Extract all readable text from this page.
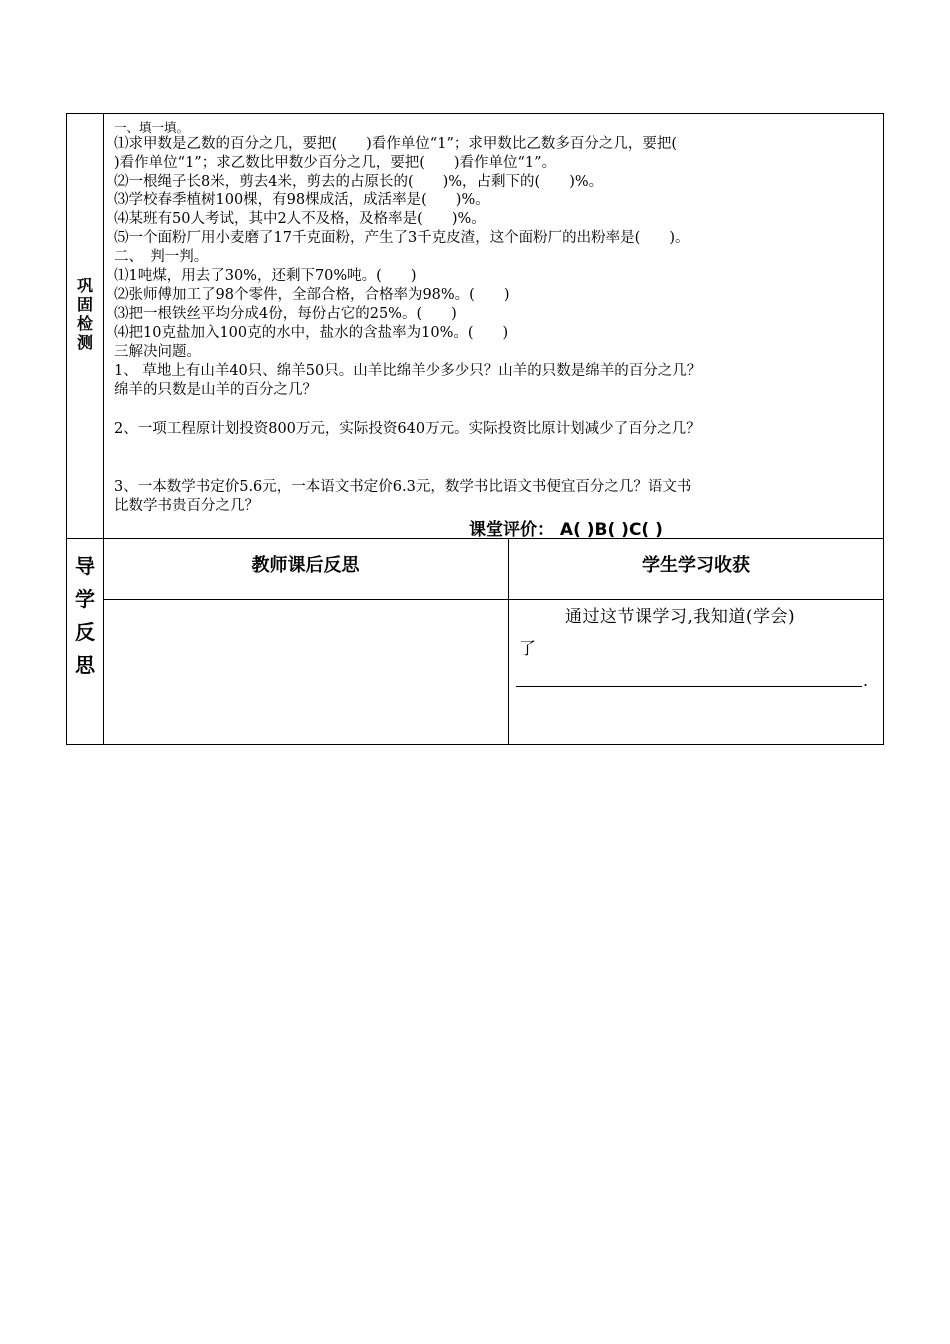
巩固检测
导学反思
一、填一填。
⑴求甲数是乙数的百分之几，要把(　　)看作单位“1”；求甲数比乙数多百分之几，要把(
)看作单位“1”；求乙数比甲数少百分之几，要把(　　)看作单位“1”。
⑵一根绳子长8米，剪去4米，剪去的占原长的(　　)%，占剩下的(　　)%。
⑶学校春季植树100棵，有98棵成活，成活率是(　　)%。
⑷某班有50人考试，其中2人不及格，及格率是(　　)%。
⑸一个面粉厂用小麦磨了17千克面粉，产生了3千克皮渣，这个面粉厂的出粉率是(　　)。
二、　判一判。
⑴1吨煤，用去了30%，还剩下70%吨。(　　)
⑵张师傅加工了98个零件，全部合格，合格率为98%。(　　)
⑶把一根铁丝平均分成4份，每份占它的25%。(　　)
⑷把10克盐加入100克的水中，盐水的含盐率为10%。(　　)
三解决问题。
1、 草地上有山羊40只、绵羊50只。山羊比绵羊少多少只？山羊的只数是绵羊的百分之几？
绵羊的只数是山羊的百分之几？
2、一项工程原计划投资800万元，实际投资640万元。实际投资比原计划减少了百分之几？
3、一本数学书定价5.6元，一本语文书定价6.3元，数学书比语文书便宜百分之几？语文书
比数学书贵百分之几？
课堂评价： A( )B( )C( )
教师课后反思	学生学习收获
通过这节课学习,我知道(学会)
了
.
